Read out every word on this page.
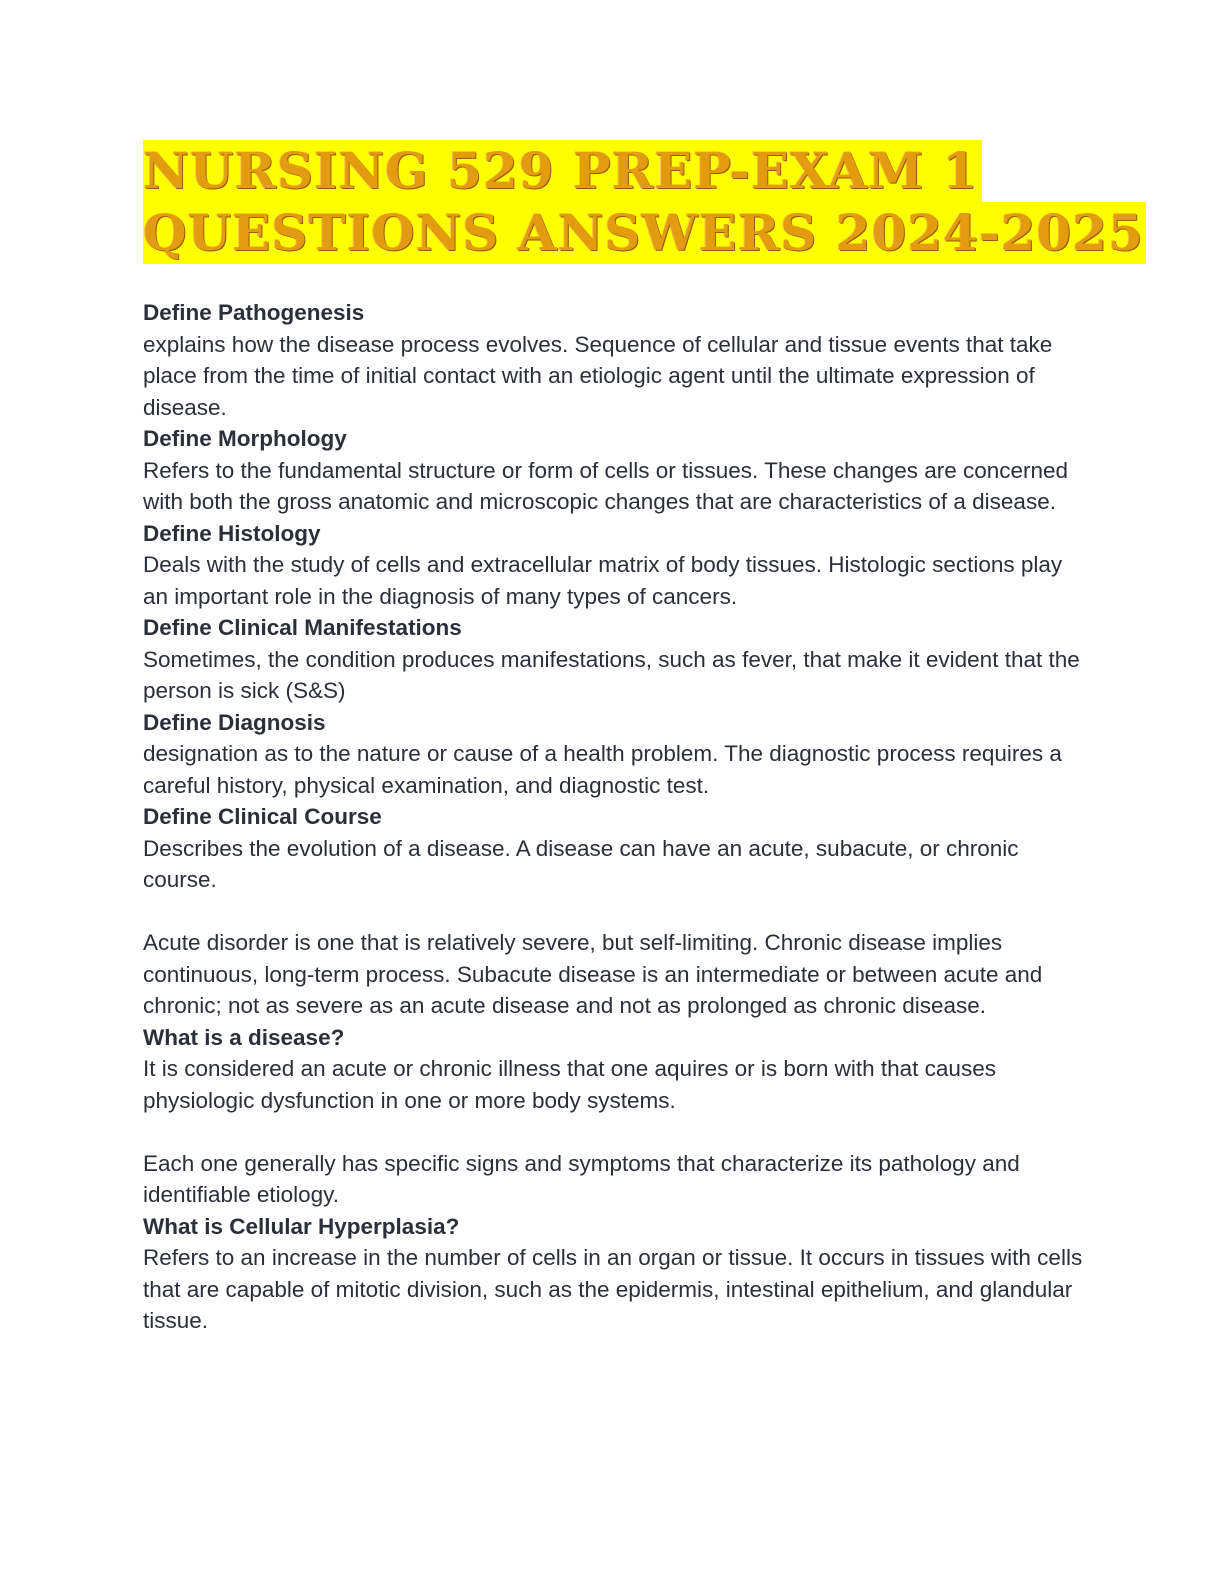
NURSING 529 PREP-EXAM 1
QUESTIONS ANSWERS 2024-2025

Define Pathogenesis

explains how the disease process evolves. Sequence of cellular and tissue events that take place from the time of initial contact with an etiologic agent until the ultimate expression of disease.

Define Morphology

Refers to the fundamental structure or form of cells or tissues. These changes are concerned with both the gross anatomic and microscopic changes that are characteristics of a disease.

Define Histology

Deals with the study of cells and extracellular matrix of body tissues. Histologic sections play an important role in the diagnosis of many types of cancers.

Define Clinical Manifestations

Sometimes, the condition produces manifestations, such as fever, that make it evident that the person is sick (S&S)

Define Diagnosis

designation as to the nature or cause of a health problem. The diagnostic process requires a careful history, physical examination, and diagnostic test.

Define Clinical Course

Describes the evolution of a disease. A disease can have an acute, subacute, or chronic course.

Acute disorder is one that is relatively severe, but self-limiting. Chronic disease implies continuous, long-term process. Subacute disease is an intermediate or between acute and chronic; not as severe as an acute disease and not as prolonged as chronic disease.

What is a disease?

It is considered an acute or chronic illness that one aquires or is born with that causes physiologic dysfunction in one or more body systems.

Each one generally has specific signs and symptoms that characterize its pathology and identifiable etiology.

What is Cellular Hyperplasia?

Refers to an increase in the number of cells in an organ or tissue. It occurs in tissues with cells that are capable of mitotic division, such as the epidermis, intestinal epithelium, and glandular tissue.
